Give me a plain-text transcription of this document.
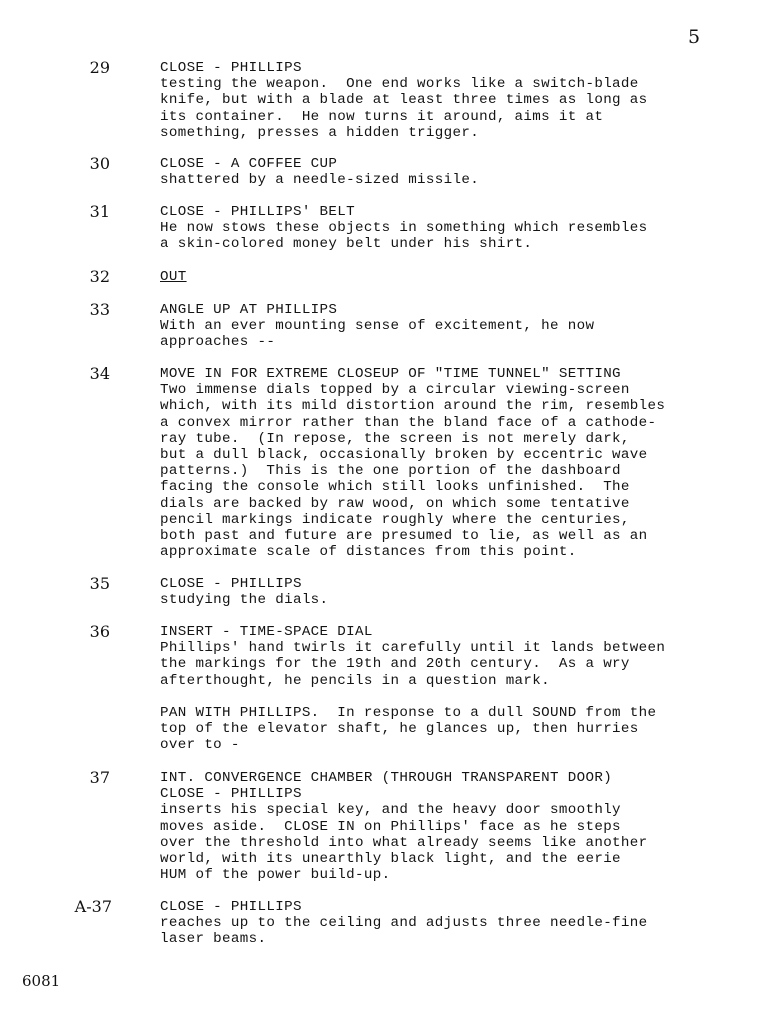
5
29	CLOSE - PHILLIPS
testing the weapon.  One end works like a switch-blade
knife, but with a blade at least three times as long as
its container.  He now turns it around, aims it at
something, presses a hidden trigger.
30	CLOSE - A COFFEE CUP
shattered by a needle-sized missile.
31	CLOSE - PHILLIPS' BELT
He now stows these objects in something which resembles
a skin-colored money belt under his shirt.
32	OUT
33	ANGLE UP AT PHILLIPS
With an ever mounting sense of excitement, he now
approaches --
34	MOVE IN FOR EXTREME CLOSEUP OF "TIME TUNNEL" SETTING
Two immense dials topped by a circular viewing-screen
which, with its mild distortion around the rim, resembles
a convex mirror rather than the bland face of a cathode-
ray tube.  (In repose, the screen is not merely dark,
but a dull black, occasionally broken by eccentric wave
patterns.)  This is the one portion of the dashboard
facing the console which still looks unfinished.  The
dials are backed by raw wood, on which some tentative
pencil markings indicate roughly where the centuries,
both past and future are presumed to lie, as well as an
approximate scale of distances from this point.
35	CLOSE - PHILLIPS
studying the dials.
36	INSERT - TIME-SPACE DIAL
Phillips' hand twirls it carefully until it lands between
the markings for the 19th and 20th century.  As a wry
afterthought, he pencils in a question mark.
PAN WITH PHILLIPS.  In response to a dull SOUND from the
top of the elevator shaft, he glances up, then hurries
over to -
37	INT. CONVERGENCE CHAMBER (THROUGH TRANSPARENT DOOR)
CLOSE - PHILLIPS
inserts his special key, and the heavy door smoothly
moves aside.  CLOSE IN on Phillips' face as he steps
over the threshold into what already seems like another
world, with its unearthly black light, and the eerie
HUM of the power build-up.
A-37	CLOSE - PHILLIPS
reaches up to the ceiling and adjusts three needle-fine
laser beams.
6081
